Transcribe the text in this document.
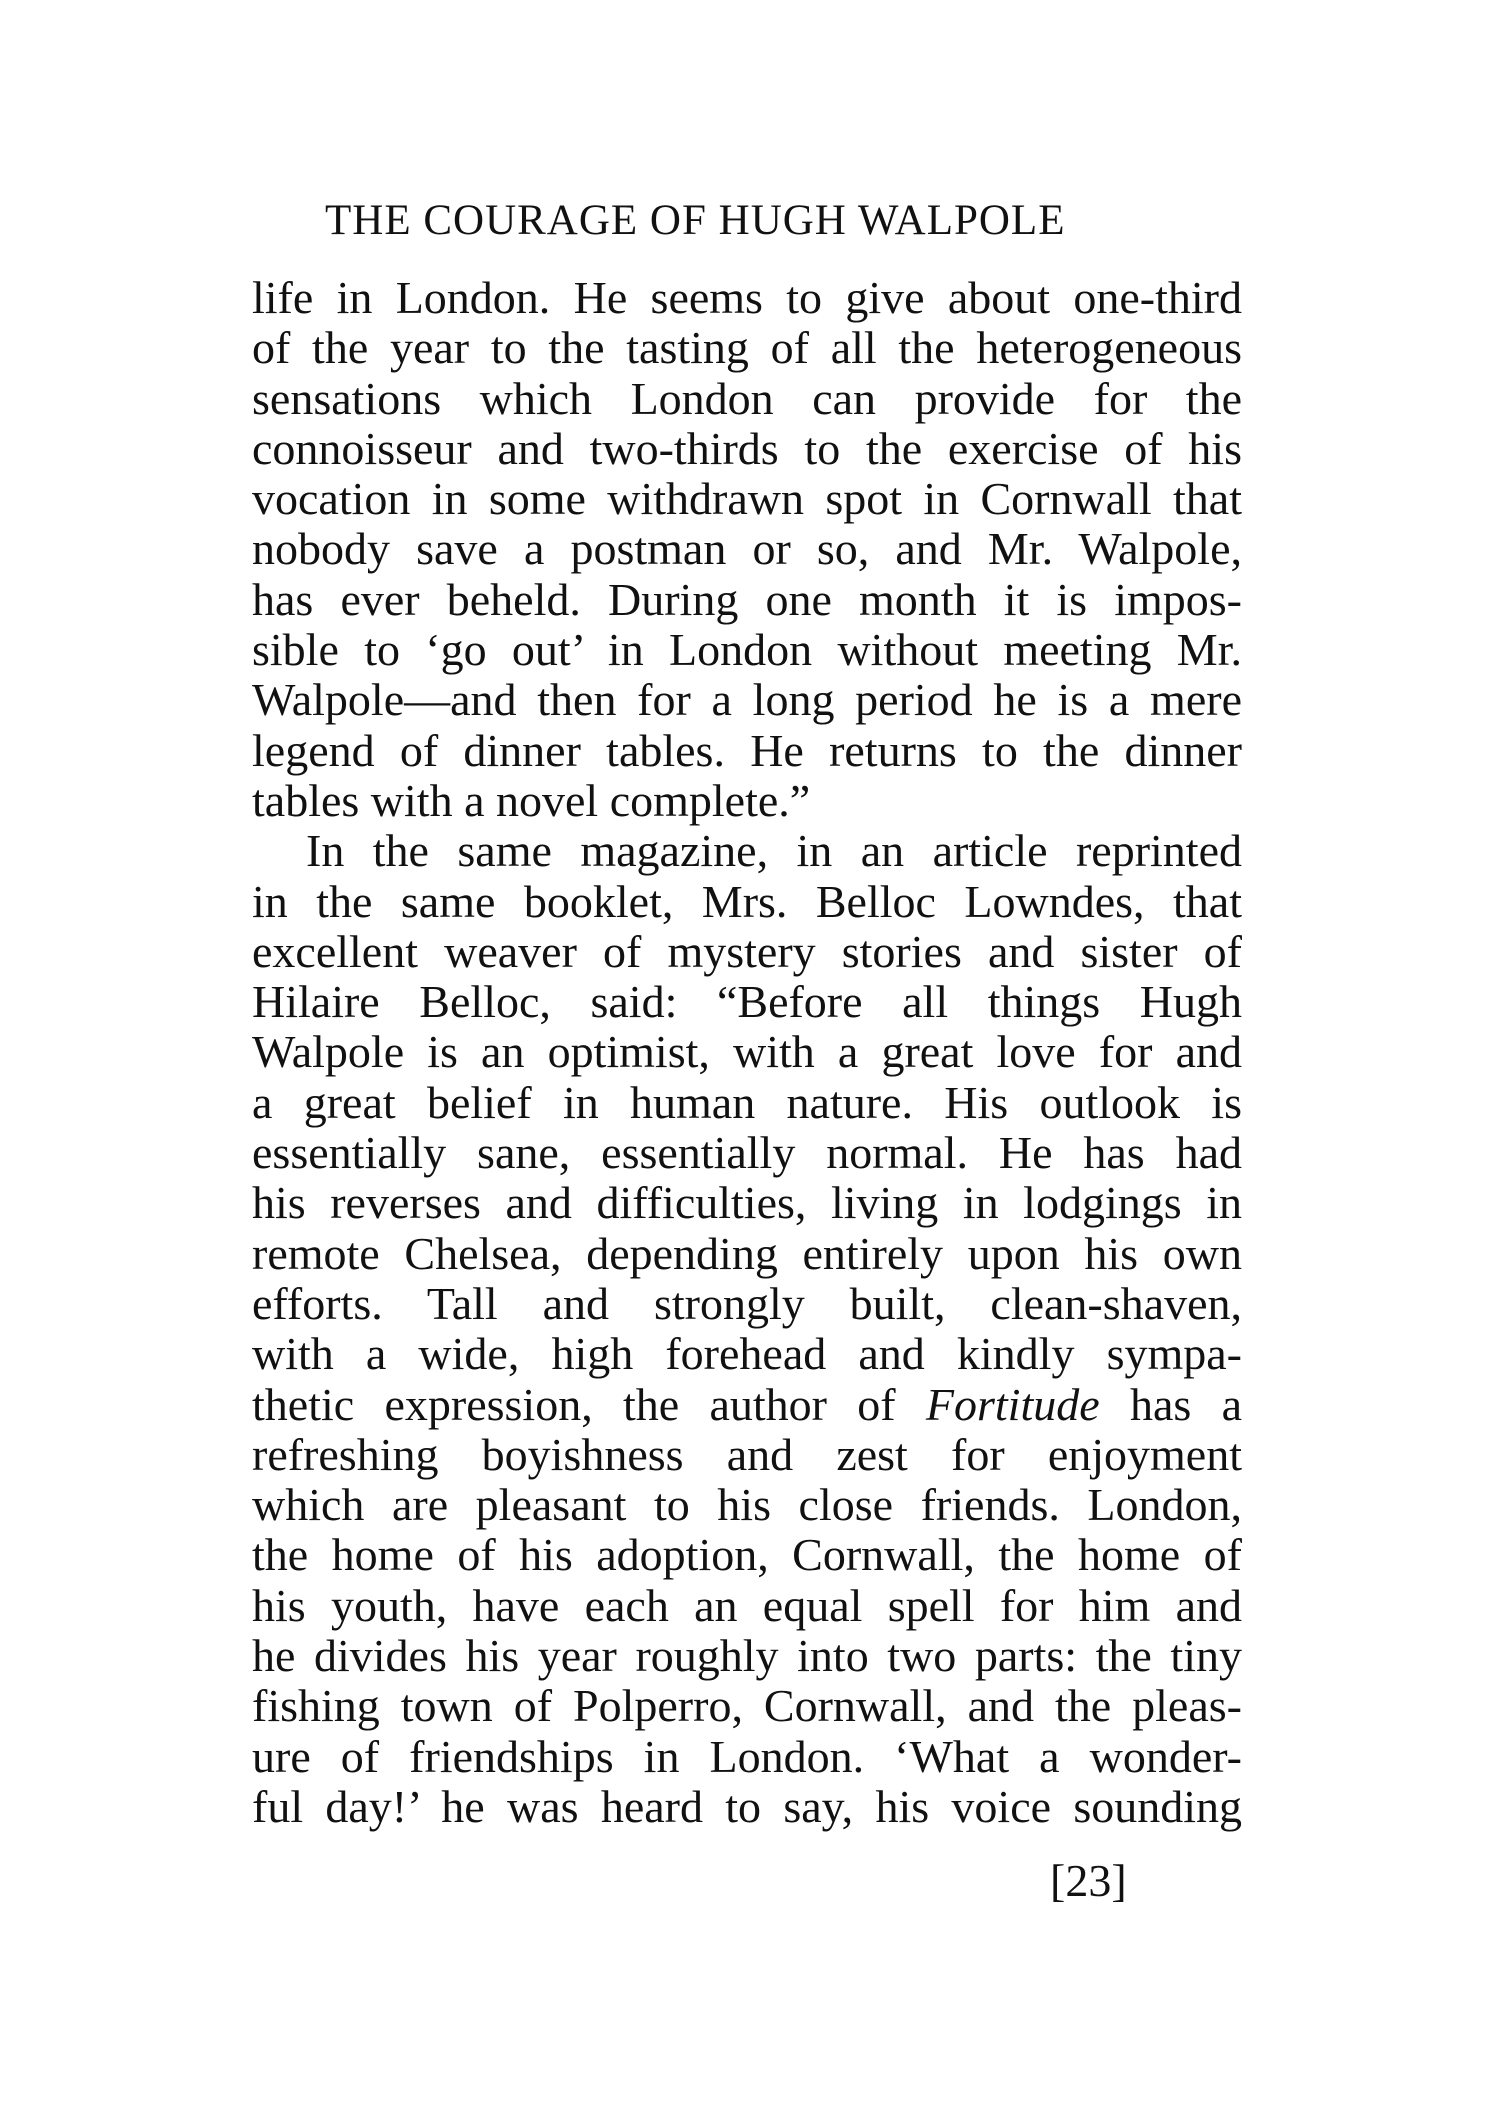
THE COURAGE OF HUGH WALPOLE
life in London. He seems to give about one-third
of the year to the tasting of all the heterogeneous
sensations which London can provide for the
connoisseur and two-thirds to the exercise of his
vocation in some withdrawn spot in Cornwall that
nobody save a postman or so, and Mr. Walpole,
has ever beheld. During one month it is impos-
sible to ‘go out’ in London without meeting Mr.
Walpole—and then for a long period he is a mere
legend of dinner tables. He returns to the dinner
tables with a novel complete.”
In the same magazine, in an article reprinted
in the same booklet, Mrs. Belloc Lowndes, that
excellent weaver of mystery stories and sister of
Hilaire Belloc, said: “Before all things Hugh
Walpole is an optimist, with a great love for and
a great belief in human nature. His outlook is
essentially sane, essentially normal. He has had
his reverses and difficulties, living in lodgings in
remote Chelsea, depending entirely upon his own
efforts. Tall and strongly built, clean-shaven,
with a wide, high forehead and kindly sympa-
thetic expression, the author of Fortitude has a
refreshing boyishness and zest for enjoyment
which are pleasant to his close friends. London,
the home of his adoption, Cornwall, the home of
his youth, have each an equal spell for him and
he divides his year roughly into two parts: the tiny
fishing town of Polperro, Cornwall, and the pleas-
ure of friendships in London. ‘What a wonder-
ful day!’ he was heard to say, his voice sounding
[23]
